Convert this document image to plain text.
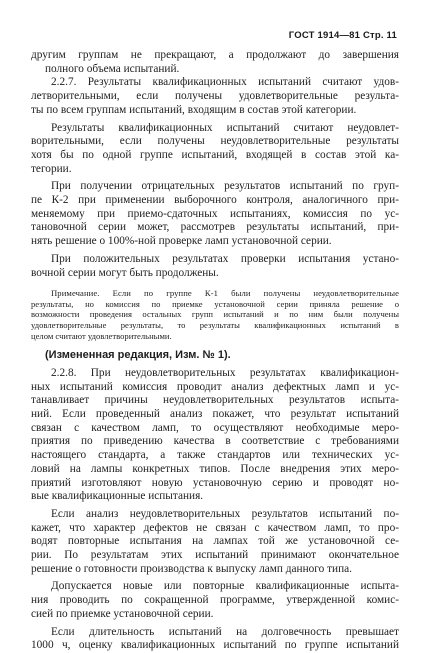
ГОСТ 1914—81 Стр. 11
другим группам не прекращают, а продолжают до завершения
полного объема испытаний.
2.2.7. Результаты квалификационных испытаний считают удов-
летворительными, если получены удовлетворительные результа-
ты по всем группам испытаний, входящим в состав этой категории.
Результаты квалификационных испытаний считают неудовлет-
ворительными, если получены неудовлетворительные результаты
хотя бы по одной группе испытаний, входящей в состав этой ка-
тегории.
При получении отрицательных результатов испытаний по груп-
пе К-2 при применении выборочного контроля, аналогичного при-
меняемому при приемо-сдаточных испытаниях, комиссия по ус-
тановочной серии может, рассмотрев результаты испытаний, при-
нять решение о 100%-ной проверке ламп установочной серии.
При положительных результатах проверки испытания устано-
вочной серии могут быть продолжены.
Примечание. Если по группе К-1 были получены неудовлетворительные
результаты, но комиссия по приемке установочной серии приняла решение о
возможности проведения остальных групп испытаний и по ним были получены
удовлетворительные результаты, то результаты квалификационных испытаний в
целом считают удовлетворительными.
(Измененная редакция, Изм. № 1).
2.2.8. При неудовлетворительных результатах квалификацион-
ных испытаний комиссия проводит анализ дефектных ламп и ус-
танавливает причины неудовлетворительных результатов испыта-
ний. Если проведенный анализ покажет, что результат испытаний
связан с качеством ламп, то осуществляют необходимые меро-
приятия по приведению качества в соответствие с требованиями
настоящего стандарта, а также стандартов или технических ус-
ловий на лампы конкретных типов. После внедрения этих меро-
приятий изготовляют новую установочную серию и проводят но-
вые квалификационные испытания.
Если анализ неудовлетворительных результатов испытаний по-
кажет, что характер дефектов не связан с качеством ламп, то про-
водят повторные испытания на лампах той же установочной се-
рии. По результатам этих испытаний принимают окончательное
решение о готовности производства к выпуску ламп данного типа.
Допускается новые или повторные квалификационные испыта-
ния проводить по сокращенной программе, утвержденной комис-
сией по приемке установочной серии.
Если длительность испытаний на долговечность превышает
1000 ч, оценку квалификационных испытаний по группе испытаний
